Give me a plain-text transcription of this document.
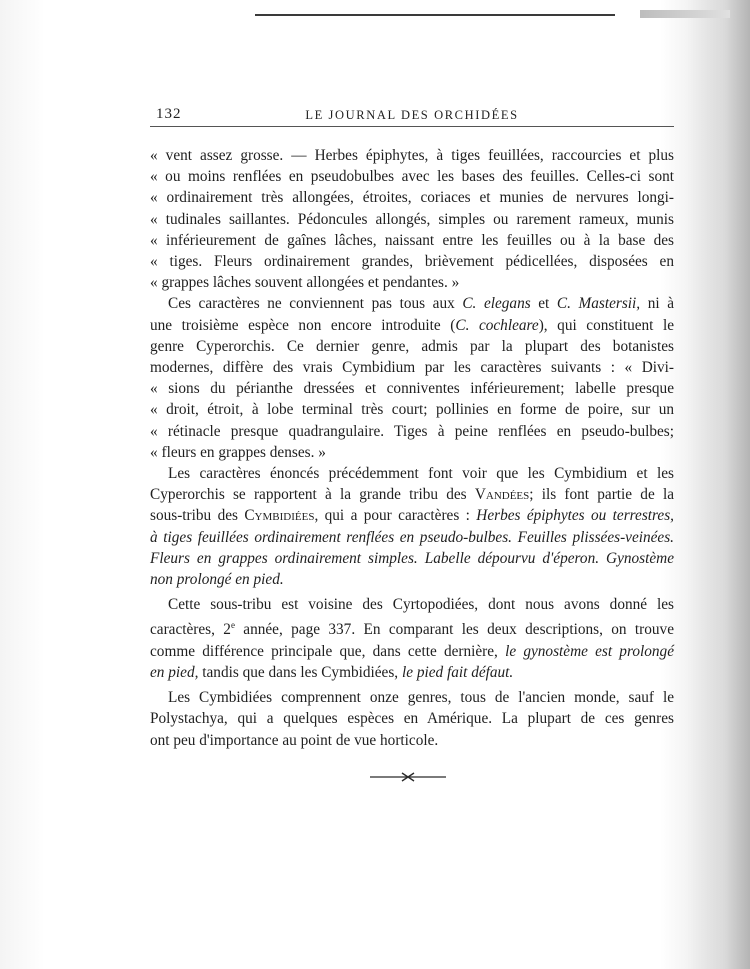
132	LE JOURNAL DES ORCHIDÉES

« vent assez grosse. — Herbes épiphytes, à tiges feuillées, raccourcies et plus
« ou moins renflées en pseudobulbes avec les bases des feuilles. Celles-ci sont
« ordinairement très allongées, étroites, coriaces et munies de nervures longi-
« tudinales saillantes. Pédoncules allongés, simples ou rarement rameux, munis
« inférieurement de gaînes lâches, naissant entre les feuilles ou à la base des
« tiges. Fleurs ordinairement grandes, brièvement pédicellées, disposées en
« grappes lâches souvent allongées et pendantes. »

Ces caractères ne conviennent pas tous aux C. elegans et C. Mastersii, ni à
une troisième espèce non encore introduite (C. cochleare), qui constituent le
genre Cyperorchis. Ce dernier genre, admis par la plupart des botanistes
modernes, diffère des vrais Cymbidium par les caractères suivants : « Divi-
« sions du périanthe dressées et conniventes inférieurement; labelle presque
« droit, étroit, à lobe terminal très court; pollinies en forme de poire, sur un
« rétinacle presque quadrangulaire. Tiges à peine renflées en pseudo-bulbes;
« fleurs en grappes denses. »

Les caractères énoncés précédemment font voir que les Cymbidium et les
Cyperorchis se rapportent à la grande tribu des Vandées; ils font partie de la
sous-tribu des Cymbidiées, qui a pour caractères : Herbes épiphytes ou terrestres,
à tiges feuillées ordinairement renflées en pseudo-bulbes. Feuilles plissées-veinées.
Fleurs en grappes ordinairement simples. Labelle dépourvu d'éperon. Gynostème
non prolongé en pied.

Cette sous-tribu est voisine des Cyrtopodiées, dont nous avons donné les
caractères, 2e année, page 337. En comparant les deux descriptions, on trouve
comme différence principale que, dans cette dernière, le gynostème est prolongé
en pied, tandis que dans les Cymbidiées, le pied fait défaut.

Les Cymbidiées comprennent onze genres, tous de l'ancien monde, sauf le
Polystachya, qui a quelques espèces en Amérique. La plupart de ces genres
ont peu d'importance au point de vue horticole.
